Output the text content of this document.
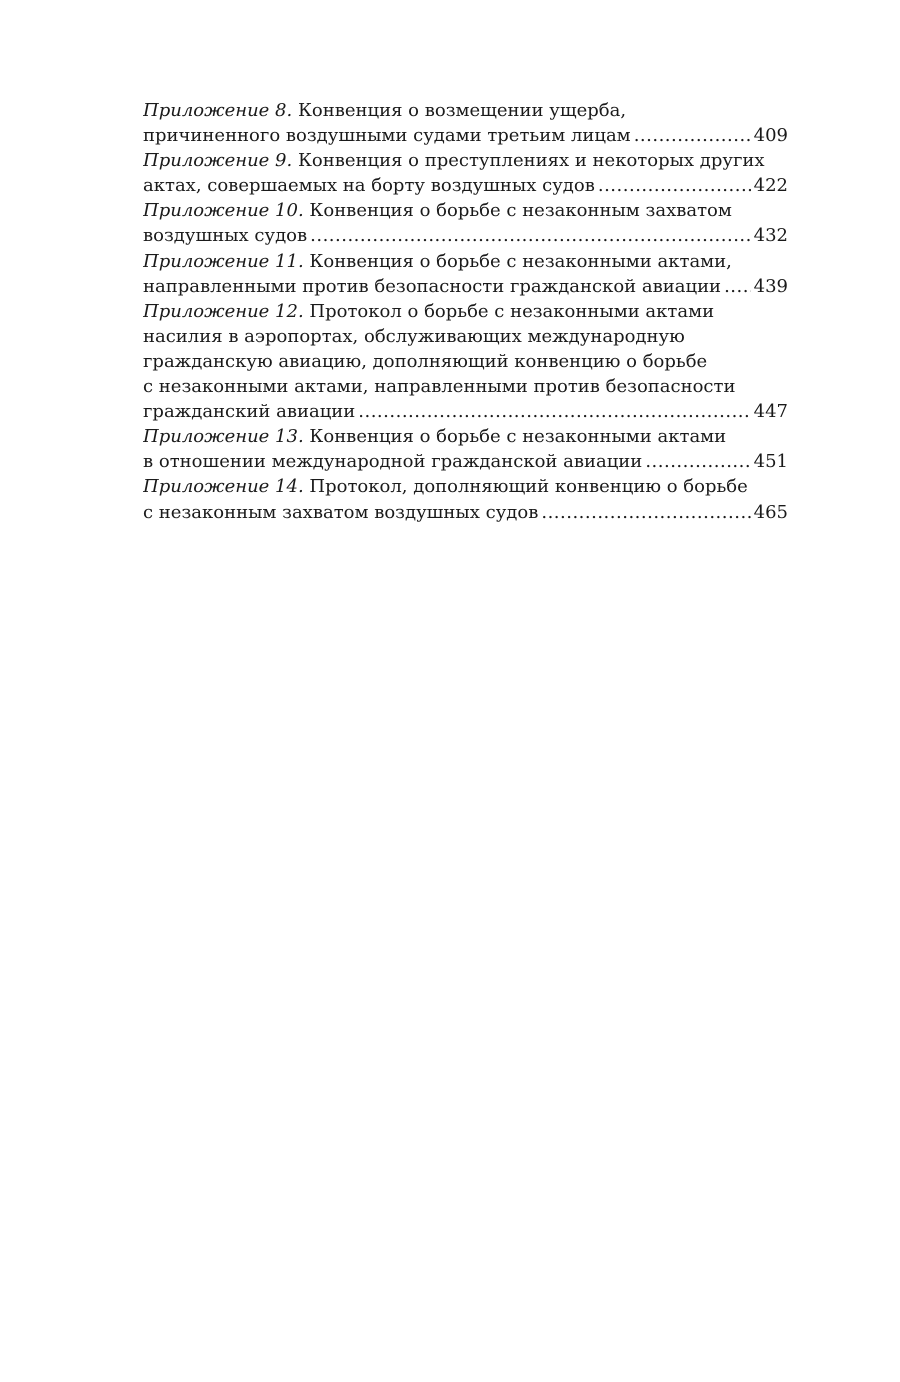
Приложение 8. Конвенция о возмещении ущерба,
причиненного воздушными судами третьим лицам .....	409
Приложение 9. Конвенция о преступлениях и некоторых других
актах, совершаемых на борту воздушных судов .....	422
Приложение 10. Конвенция о борьбе с незаконным захватом
воздушных судов .....	432
Приложение 11. Конвенция о борьбе с незаконными актами,
направленными против безопасности гражданской авиации ..... 439
Приложение 12. Протокол о борьбе с незаконными актами
насилия в аэропортах, обслуживающих международную
гражданскую авиацию, дополняющий конвенцию о борьбе
с незаконными актами, направленными против безопасности
гражданский авиации .....	447
Приложение 13. Конвенция о борьбе с незаконными актами
в отношении международной гражданской авиации .....	451
Приложение 14. Протокол, дополняющий конвенцию о борьбе
с незаконным захватом воздушных судов .....	465
